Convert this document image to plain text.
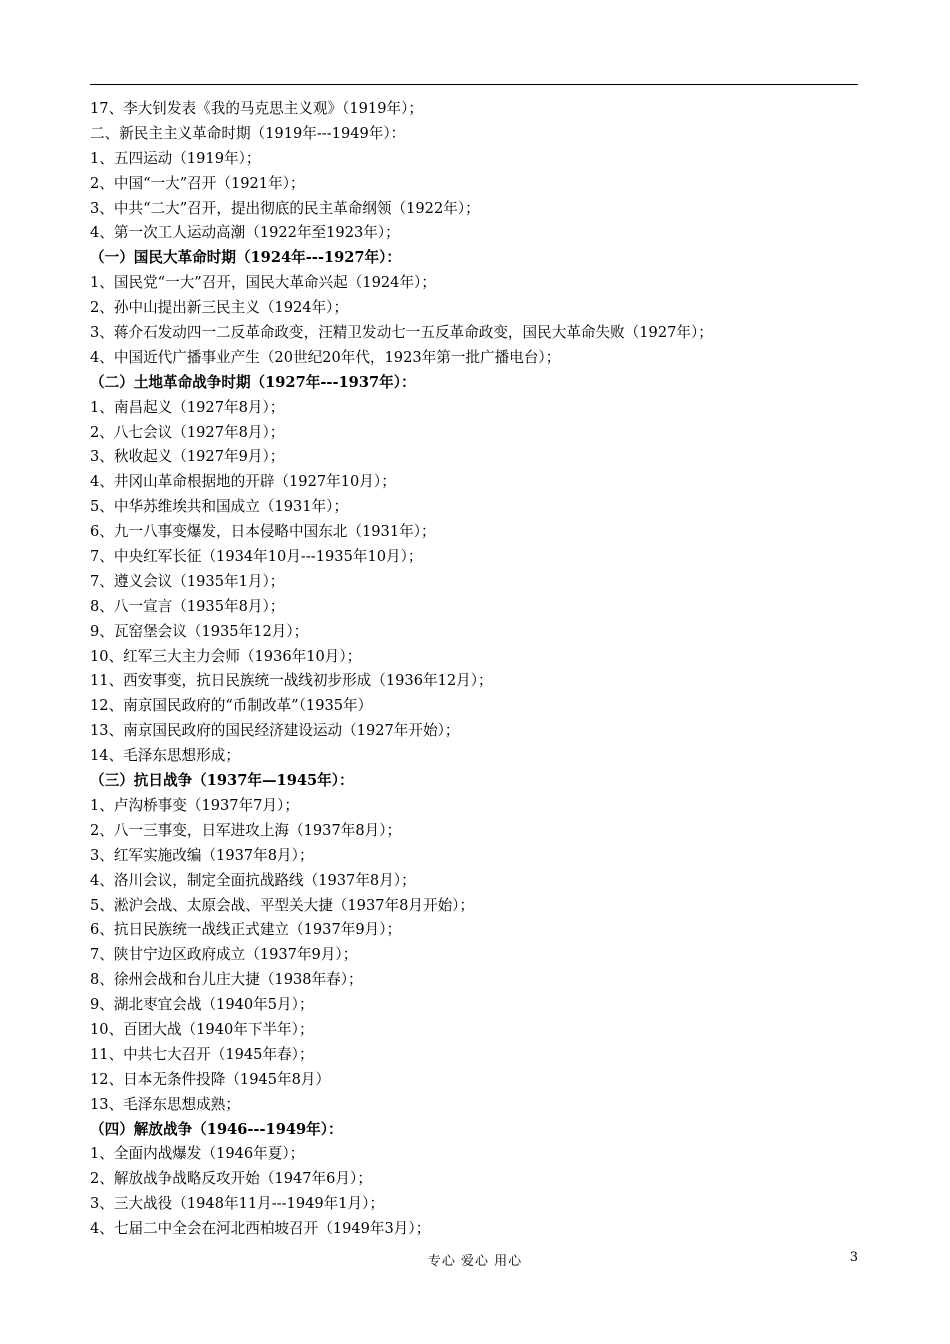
17、李大钊发表《我的马克思主义观》（1919年）；
二、新民主主义革命时期（1919年---1949年）：
1、五四运动（1919年）；
2、中国“一大”召开（1921年）；
3、中共“二大”召开，提出彻底的民主革命纲领（1922年）；
4、第一次工人运动高潮（1922年至1923年）；
（一）国民大革命时期（1924年---1927年）：
1、国民党“一大”召开，国民大革命兴起（1924年）；
2、孙中山提出新三民主义（1924年）；
3、蒋介石发动四一二反革命政变，汪精卫发动七一五反革命政变，国民大革命失败（1927年）；
4、中国近代广播事业产生（20世纪20年代，1923年第一批广播电台）；
（二）土地革命战争时期（1927年---1937年）：
1、南昌起义（1927年8月）；
2、八七会议（1927年8月）；
3、秋收起义（1927年9月）；
4、井冈山革命根据地的开辟（1927年10月）；
5、中华苏维埃共和国成立（1931年）；
6、九一八事变爆发，日本侵略中国东北（1931年）；
7、中央红军长征（1934年10月---1935年10月）；
7、遵义会议（1935年1月）；
8、八一宣言（1935年8月）；
9、瓦窑堡会议（1935年12月）；
10、红军三大主力会师（1936年10月）；
11、西安事变，抗日民族统一战线初步形成（1936年12月）；
12、南京国民政府的“币制改革”（1935年）
13、南京国民政府的国民经济建设运动（1927年开始）；
14、毛泽东思想形成；
（三）抗日战争（1937年—1945年）：
1、卢沟桥事变（1937年7月）；
2、八一三事变，日军进攻上海（1937年8月）；
3、红军实施改编（1937年8月）；
4、洛川会议，制定全面抗战路线（1937年8月）；
5、淞沪会战、太原会战、平型关大捷（1937年8月开始）；
6、抗日民族统一战线正式建立（1937年9月）；
7、陕甘宁边区政府成立（1937年9月）；
8、徐州会战和台儿庄大捷（1938年春）；
9、湖北枣宜会战（1940年5月）；
10、百团大战（1940年下半年）；
11、中共七大召开（1945年春）；
12、日本无条件投降（1945年8月）
13、毛泽东思想成熟；
（四）解放战争（1946---1949年）：
1、全面内战爆发（1946年夏）；
2、解放战争战略反攻开始（1947年6月）；
3、三大战役（1948年11月---1949年1月）；
4、七届二中全会在河北西柏坡召开（1949年3月）；
专心 爱心 用心	3
